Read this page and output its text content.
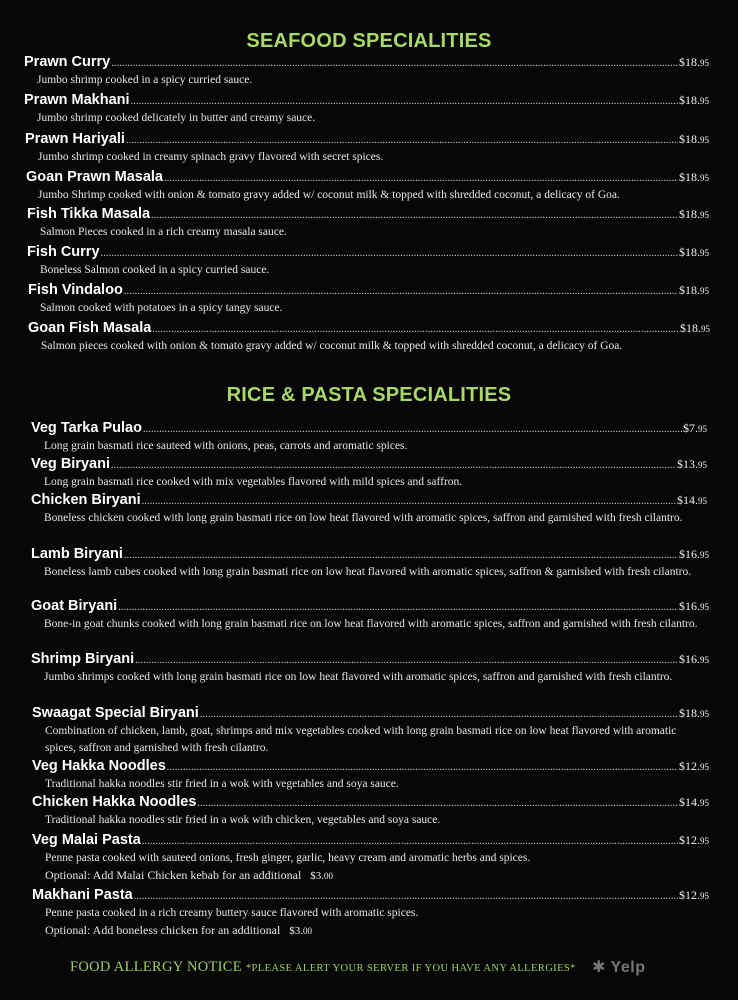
SEAFOOD SPECIALITIES
Prawn Curry .....	$18.95
Jumbo shrimp cooked in a spicy curried sauce.
Prawn Makhani .....	$18.95
Jumbo shrimp cooked delicately in butter and creamy sauce.
Prawn Hariyali .....	$18.95
Jumbo shrimp cooked in creamy spinach gravy flavored with secret spices.
Goan Prawn Masala .....	$18.95
Jumbo Shrimp cooked with onion & tomato gravy added w/ coconut milk & topped with shredded coconut, a delicacy of Goa.
Fish Tikka Masala .....	$18.95
Salmon Pieces cooked in a rich creamy masala sauce.
Fish Curry .....	$18.95
Boneless Salmon cooked in a spicy curried sauce.
Fish Vindaloo .....	$18.95
Salmon cooked with potatoes in a spicy tangy sauce.
Goan Fish Masala .....	$18.95
Salmon pieces cooked with onion & tomato gravy added w/ coconut milk & topped with shredded coconut, a delicacy of Goa.
RICE & PASTA SPECIALITIES
Veg Tarka Pulao .....	$7.95
Long grain basmati rice sauteed with onions, peas, carrots and aromatic spices.
Veg Biryani .....	$13.95
Long grain basmati rice cooked with mix vegetables flavored with mild spices and saffron.
Chicken Biryani .....	$14.95
Boneless chicken cooked with long grain basmati rice on low heat flavored with aromatic spices, saffron and garnished with fresh cilantro.
Lamb Biryani .....	$16.95
Boneless lamb cubes cooked with long grain basmati rice on low heat flavored with aromatic spices, saffron & garnished with fresh cilantro.
Goat Biryani .....	$16.95
Bone-in goat chunks cooked with long grain basmati rice on low heat flavored with aromatic spices, saffron and garnished with fresh cilantro.
Shrimp Biryani .....	$16.95
Jumbo shrimps cooked with long grain basmati rice on low heat flavored with aromatic spices, saffron and garnished with fresh cilantro.
Swaagat Special Biryani .....	$18.95
Combination of chicken, lamb, goat, shrimps and mix vegetables cooked with long grain basmati rice on low heat flavored with aromatic spices, saffron and garnished with fresh cilantro.
Veg Hakka Noodles .....	$12.95
Traditional hakka noodles stir fried in a wok with vegetables and soya sauce.
Chicken Hakka Noodles .....	$14.95
Traditional hakka noodles stir fried in a wok with chicken, vegetables and soya sauce.
Veg Malai Pasta .....	$12.95
Penne pasta cooked with sauteed onions, fresh ginger, garlic, heavy cream and aromatic herbs and spices.
Optional: Add Malai Chicken kebab for an additional $3.00
Makhani Pasta .....	$12.95
Penne pasta cooked in a rich creamy buttery sauce flavored with aromatic spices.
Optional: Add boneless chicken for an additional $3.00
FOOD ALLERGY NOTICE *PLEASE ALERT YOUR SERVER IF YOU HAVE ANY ALLERGIES* ✱ Yelp
